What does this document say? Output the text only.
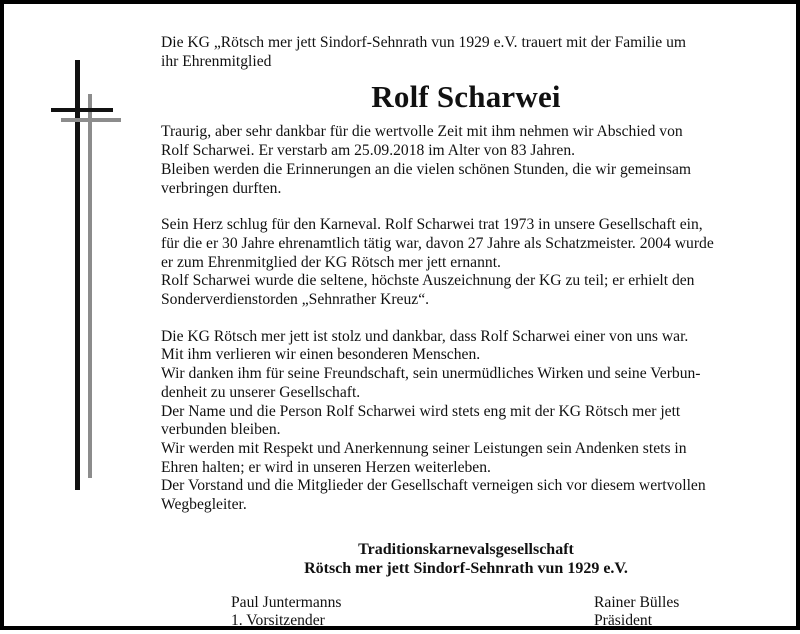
Die KG „Rötsch mer jett Sindorf-Sehnrath vun 1929 e.V. trauert mit der Familie um
ihr Ehrenmitglied

Rolf Scharwei

Traurig, aber sehr dankbar für die wertvolle Zeit mit ihm nehmen wir Abschied von
Rolf Scharwei. Er verstarb am 25.09.2018 im Alter von 83 Jahren.
Bleiben werden die Erinnerungen an die vielen schönen Stunden, die wir gemeinsam
verbringen durften.

Sein Herz schlug für den Karneval. Rolf Scharwei trat 1973 in unsere Gesellschaft ein,
für die er 30 Jahre ehrenamtlich tätig war, davon 27 Jahre als Schatzmeister. 2004 wurde
er zum Ehrenmitglied der KG Rötsch mer jett ernannt.
Rolf Scharwei wurde die seltene, höchste Auszeichnung der KG zu teil; er erhielt den
Sonderverdienstorden „Sehnrather Kreuz“.

Die KG Rötsch mer jett ist stolz und dankbar, dass Rolf Scharwei einer von uns war.
Mit ihm verlieren wir einen besonderen Menschen.
Wir danken ihm für seine Freundschaft, sein unermüdliches Wirken und seine Verbun-
denheit zu unserer Gesellschaft.
Der Name und die Person Rolf Scharwei wird stets eng mit der KG Rötsch mer jett
verbunden bleiben.
Wir werden mit Respekt und Anerkennung seiner Leistungen sein Andenken stets in
Ehren halten; er wird in unseren Herzen weiterleben.
Der Vorstand und die Mitglieder der Gesellschaft verneigen sich vor diesem wertvollen
Wegbegleiter.

Traditionskarnevalsgesellschaft
Rötsch mer jett Sindorf-Sehnrath vun 1929 e.V.
Paul Juntermanns
1. Vorsitzender
Rainer Bülles
Präsident
